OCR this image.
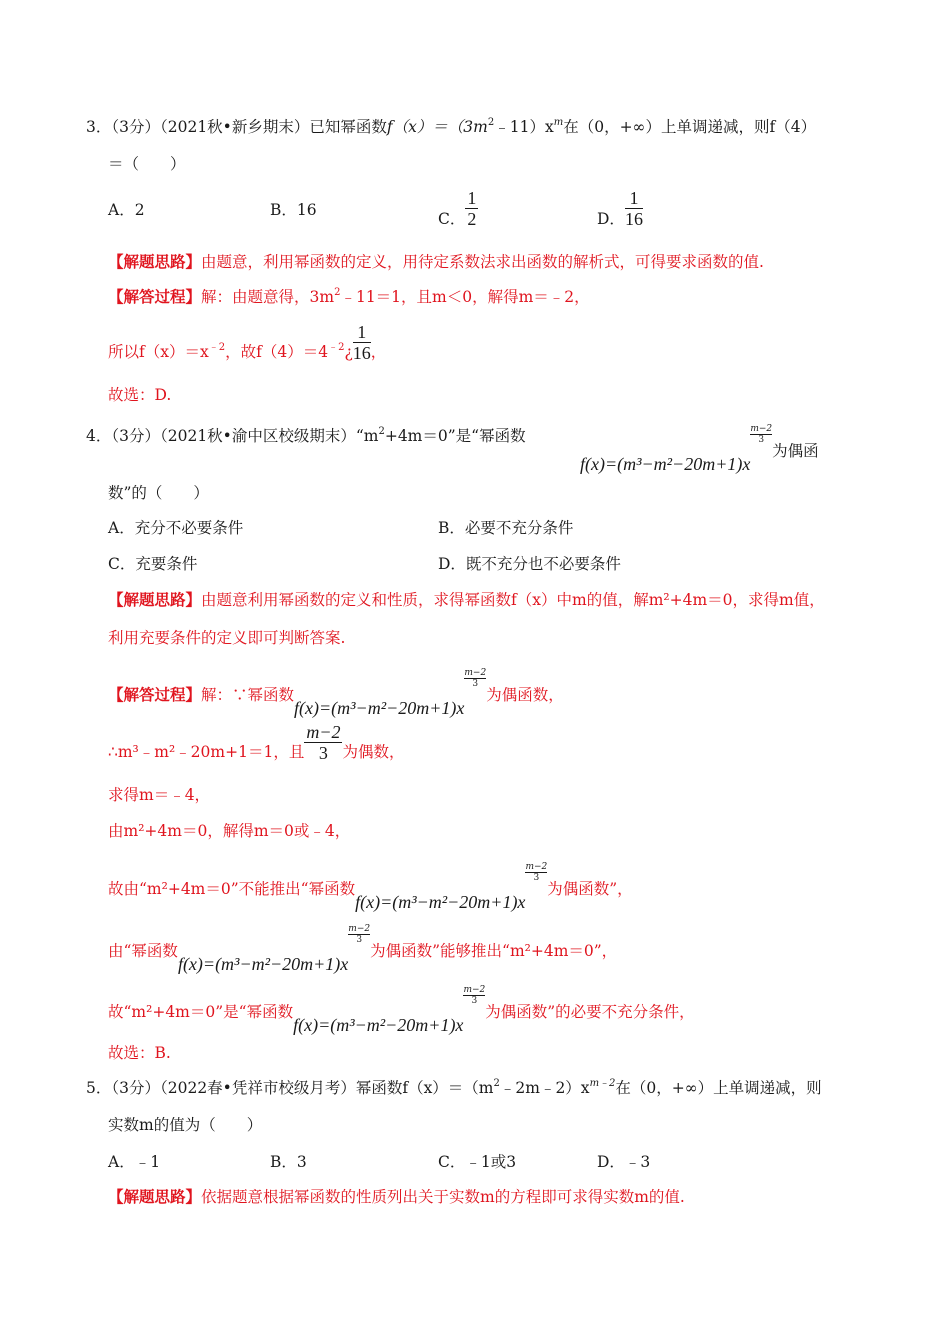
3．（3分）（2021秋•新乡期末）已知幂函数$f(x)=(3m^2﹣11)x^m$在（0，+∞）上单调递减，则f（4）
＝（　　）
A．2	B．16	C． $\frac{1}{2}$	D． $\frac{1}{16}$
【解题思路】由题意，利用幂函数的定义，用待定系数法求出函数的解析式，可得要求函数的值.
【解答过程】解：由题意得，$3m^2﹣11=1$，且m＜0，解得m＝﹣2，
所以$f(x)=x^{﹣2}$，故$f(4)=4^{﹣2}¿ \frac{1}{16}$ ，
故选：D.
4．（3分）（2021秋•渝中区校级期末）“$m^2+4m=0$”是“幂函数
f(x)=(m³−m²−20m+1)x
$\frac{m-2}{3}$
为偶函
数”的（　　）
A．充分不必要条件	B．必要不充分条件
C．充要条件	D．既不充分也不必要条件
【解题思路】由题意利用幂函数的定义和性质，求得幂函数f（x）中m的值，解m²+4m＝0，求得m值，
利用充要条件的定义即可判断答案.
【解答过程】解：∵幂函数f(x)=(m³−m²−20m+1)x
$\frac{m-2}{3}$
为偶函数，
∴m³﹣m²﹣20m+1＝1，且 $\frac{m-2}{3}$ 为偶数，
求得m＝﹣4，
由m²+4m＝0，解得m＝0或﹣4，
故由“m²+4m＝0”不能推出“幂函数f(x)=(m³−m²−20m+1)x
$\frac{m-2}{3}$
为偶函数”，
由“幂函数f(x)=(m³−m²−20m+1)x
$\frac{m-2}{3}$
为偶函数”能够推出“m²+4m＝0”，
故“m²+4m＝0”是“幂函数f(x)=(m³−m²−20m+1)x
$\frac{m-2}{3}$
为偶函数”的必要不充分条件，
故选：B.
5．（3分）（2022春•凭祥市校级月考）幂函数$f(x)=(m^2﹣2m﹣2)x^{m﹣2}$在（0，+∞）上单调递减，则
实数m的值为（　　）
A．﹣1	B．3	C．﹣1或3	D．﹣3
【解题思路】依据题意根据幂函数的性质列出关于实数m的方程即可求得实数m的值.
